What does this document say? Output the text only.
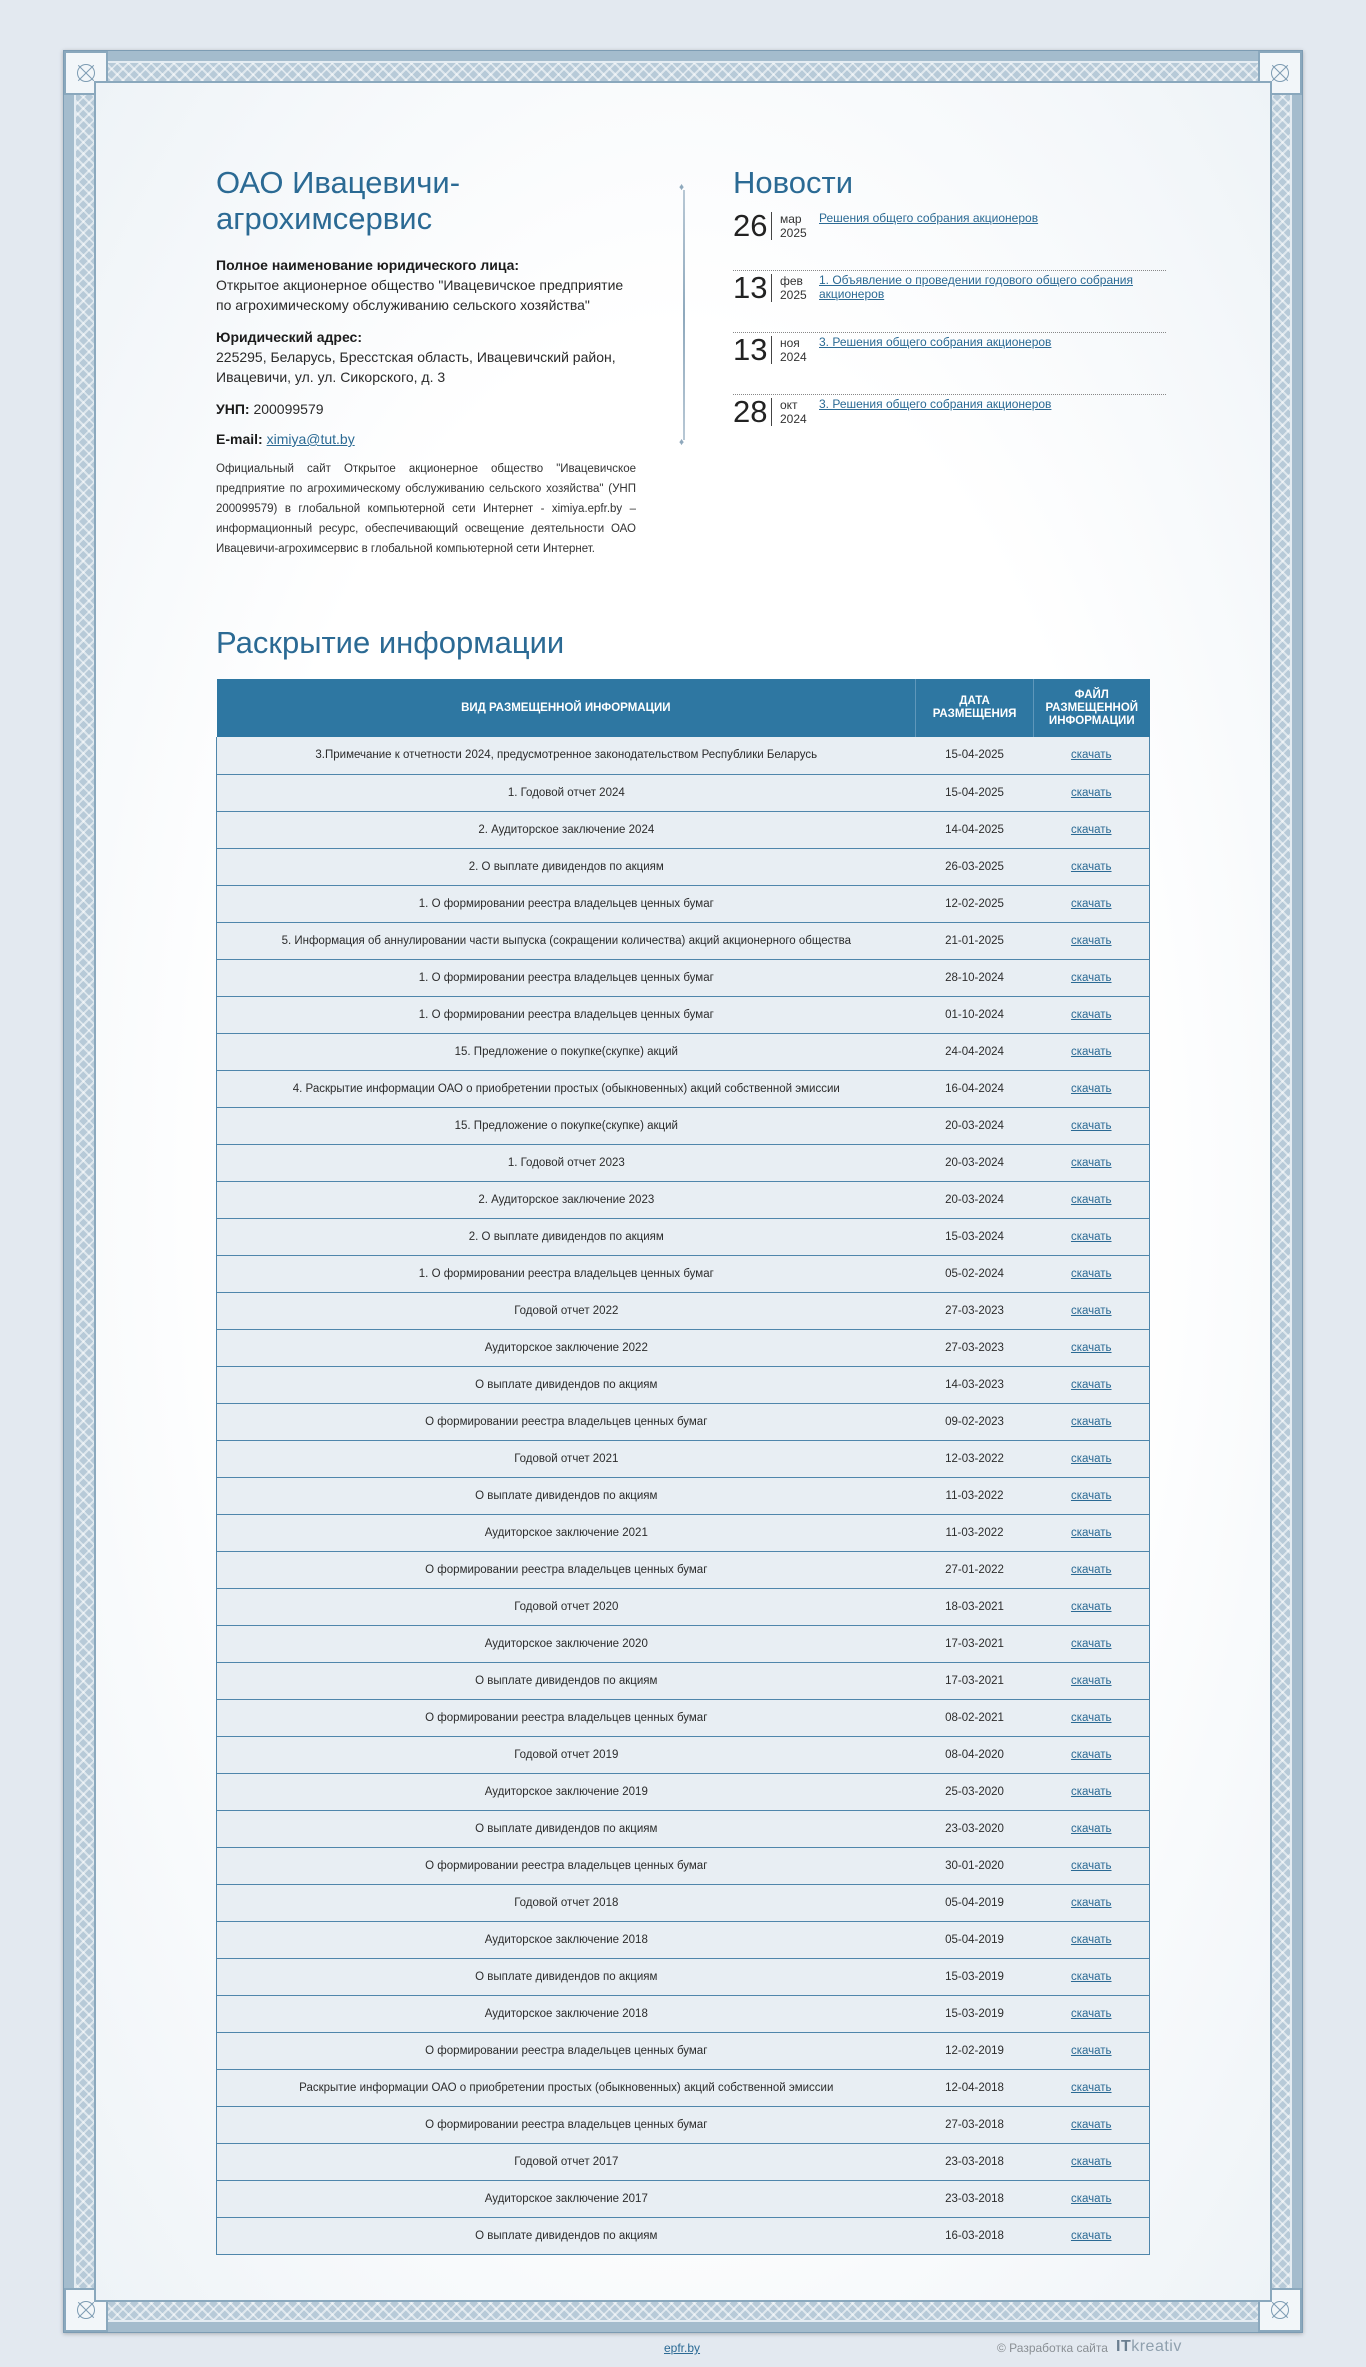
ОАО Ивацевичи-агрохимсервис
Полное наименование юридического лица:
Открытое акционерное общество "Ивацевичское предприятие по агрохимическому обслуживанию сельского хозяйства"
Юридический адрес:
225295, Беларусь, Бресстская область, Ивацевичский район, Ивацевичи, ул. ул. Сикорского, д. 3
УНП: 200099579
E-mail: ximiya@tut.by

Официальный сайт Открытое акционерное общество "Ивацевичское предприятие по агрохимическому обслуживанию сельского хозяйства" (УНП 200099579) в глобальной компьютерной сети Интернет - ximiya.epfr.by – информационный ресурс, обеспечивающий освещение деятельности ОАО Ивацевичи-агрохимсервис в глобальной компьютерной сети Интернет.

♦ ♦
Новости
26 мар
2025
Решения общего собрания акционеров
13 фев
2025
1. Объявление о проведении годового общего собрания акционеров
13 ноя
2024
3. Решения общего собрания акционеров
28 окт
2024
3. Решения общего собрания акционеров
Раскрытие информации
ВИД РАЗМЕЩЕННОЙ ИНФОРМАЦИИ	ДАТА РАЗМЕЩЕНИЯ	ФАЙЛ РАЗМЕЩЕННОЙ ИНФОРМАЦИИ
3.Примечание к отчетности 2024, предусмотренное законодательством Республики Беларусь	15-04-2025	скачать
1. Годовой отчет 2024	15-04-2025	скачать
2. Аудиторское заключение 2024	14-04-2025	скачать
2. О выплате дивидендов по акциям	26-03-2025	скачать
1. О формировании реестра владельцев ценных бумаг	12-02-2025	скачать
5. Информация об аннулировании части выпуска (сокращении количества) акций акционерного общества	21-01-2025	скачать
1. О формировании реестра владельцев ценных бумаг	28-10-2024	скачать
1. О формировании реестра владельцев ценных бумаг	01-10-2024	скачать
15. Предложение о покупке(скупке) акций	24-04-2024	скачать
4. Раскрытие информации ОАО о приобретении простых (обыкновенных) акций собственной эмиссии	16-04-2024	скачать
15. Предложение о покупке(скупке) акций	20-03-2024	скачать
1. Годовой отчет 2023	20-03-2024	скачать
2. Аудиторское заключение 2023	20-03-2024	скачать
2. О выплате дивидендов по акциям	15-03-2024	скачать
1. О формировании реестра владельцев ценных бумаг	05-02-2024	скачать
Годовой отчет 2022	27-03-2023	скачать
Аудиторское заключение 2022	27-03-2023	скачать
О выплате дивидендов по акциям	14-03-2023	скачать
О формировании реестра владельцев ценных бумаг	09-02-2023	скачать
Годовой отчет 2021	12-03-2022	скачать
О выплате дивидендов по акциям	11-03-2022	скачать
Аудиторское заключение 2021	11-03-2022	скачать
О формировании реестра владельцев ценных бумаг	27-01-2022	скачать
Годовой отчет 2020	18-03-2021	скачать
Аудиторское заключение 2020	17-03-2021	скачать
О выплате дивидендов по акциям	17-03-2021	скачать
О формировании реестра владельцев ценных бумаг	08-02-2021	скачать
Годовой отчет 2019	08-04-2020	скачать
Аудиторское заключение 2019	25-03-2020	скачать
О выплате дивидендов по акциям	23-03-2020	скачать
О формировании реестра владельцев ценных бумаг	30-01-2020	скачать
Годовой отчет 2018	05-04-2019	скачать
Аудиторское заключение 2018	05-04-2019	скачать
О выплате дивидендов по акциям	15-03-2019	скачать
Аудиторское заключение 2018	15-03-2019	скачать
О формировании реестра владельцев ценных бумаг	12-02-2019	скачать
Раскрытие информации ОАО о приобретении простых (обыкновенных) акций собственной эмиссии	12-04-2018	скачать
О формировании реестра владельцев ценных бумаг	27-03-2018	скачать
Годовой отчет 2017	23-03-2018	скачать
Аудиторское заключение 2017	23-03-2018	скачать
О выплате дивидендов по акциям	16-03-2018	скачать
epfr.by	© Разработка сайта ITkreativ
